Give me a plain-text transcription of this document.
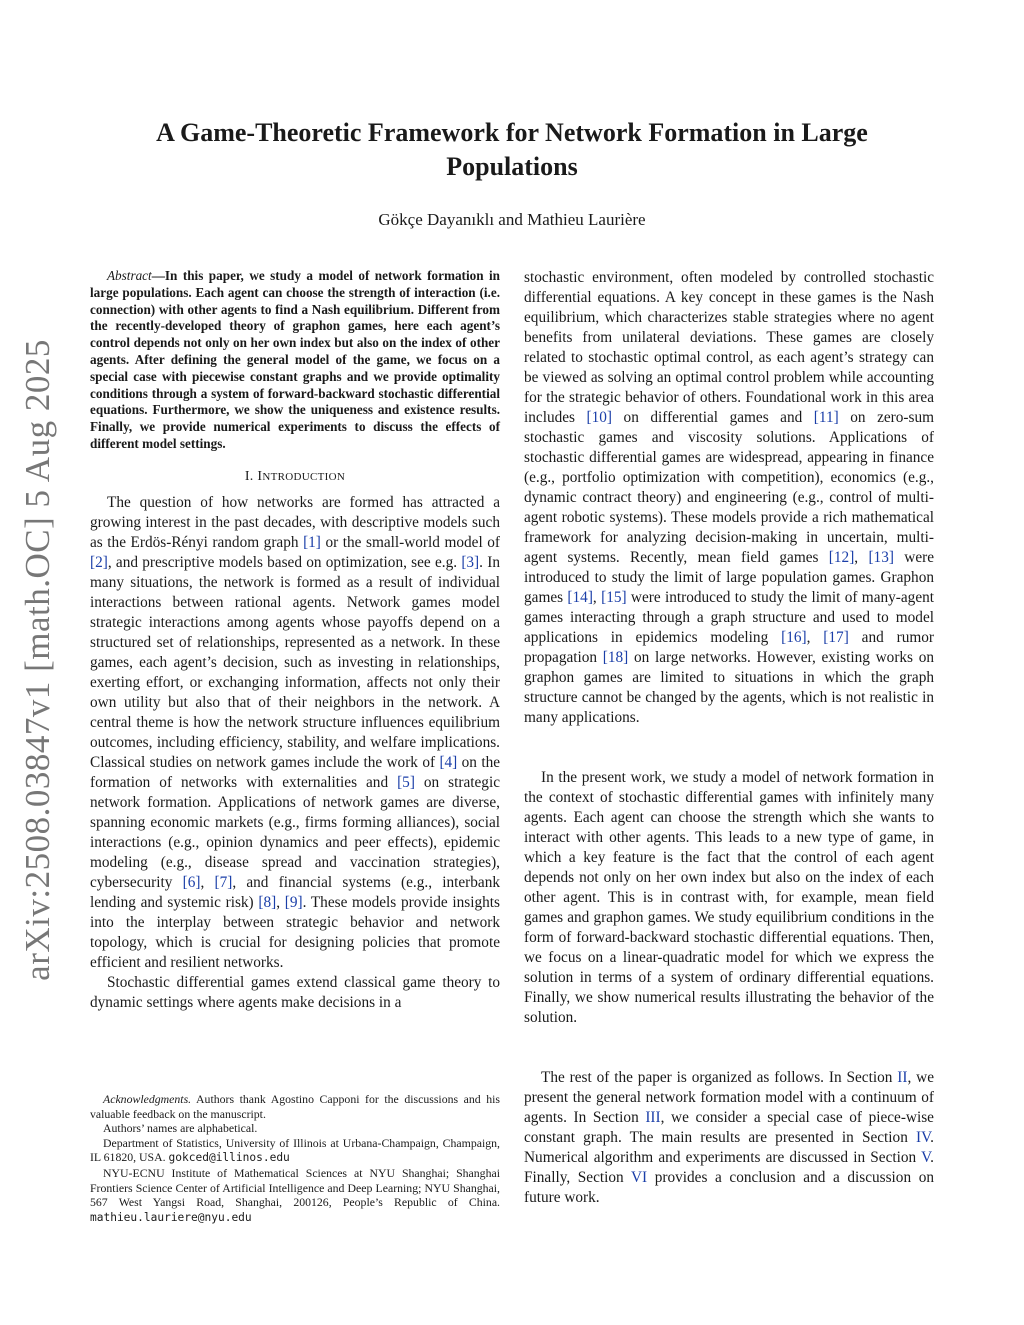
arXiv:2508.03847v1 [math.OC] 5 Aug 2025
A Game-Theoretic Framework for Network Formation in Large Populations
Gökçe Dayanıklı and Mathieu Laurière

Abstract—In this paper, we study a model of network formation in large populations. Each agent can choose the strength of interaction (i.e. connection) with other agents to find a Nash equilibrium. Different from the recently-developed theory of graphon games, here each agent’s control depends not only on her own index but also on the index of other agents. After defining the general model of the game, we focus on a special case with piecewise constant graphs and we provide optimality conditions through a system of forward-backward stochastic differential equations. Furthermore, we show the uniqueness and existence results. Finally, we provide numerical experiments to discuss the effects of different model settings.

I. INTRODUCTION

The question of how networks are formed has attracted a growing interest in the past decades, with descriptive models such as the Erdös-Rényi random graph [1] or the small-world model of [2], and prescriptive models based on optimization, see e.g. [3]. In many situations, the network is formed as a result of individual interactions between rational agents. Network games model strategic interactions among agents whose payoffs depend on a structured set of relationships, represented as a network. In these games, each agent’s decision, such as investing in relationships, exerting effort, or exchanging information, affects not only their own utility but also that of their neighbors in the network. A central theme is how the network structure influences equilibrium outcomes, including efficiency, stability, and welfare implications. Classical studies on network games include the work of [4] on the formation of networks with externalities and [5] on strategic network formation. Applications of network games are diverse, spanning economic markets (e.g., firms forming alliances), social interactions (e.g., opinion dynamics and peer effects), epidemic modeling (e.g., disease spread and vaccination strategies), cybersecurity [6], [7], and financial systems (e.g., interbank lending and systemic risk) [8], [9]. These models provide insights into the interplay between strategic behavior and network topology, which is crucial for designing policies that promote efficient and resilient networks.

Stochastic differential games extend classical game theory to dynamic settings where agents make decisions in a

stochastic environment, often modeled by controlled stochastic differential equations. A key concept in these games is the Nash equilibrium, which characterizes stable strategies where no agent benefits from unilateral deviations. These games are closely related to stochastic optimal control, as each agent’s strategy can be viewed as solving an optimal control problem while accounting for the strategic behavior of others. Foundational work in this area includes [10] on differential games and [11] on zero-sum stochastic games and viscosity solutions. Applications of stochastic differential games are widespread, appearing in finance (e.g., portfolio optimization with competition), economics (e.g., dynamic contract theory) and engineering (e.g., control of multi-agent robotic systems). These models provide a rich mathematical framework for analyzing decision-making in uncertain, multi-agent systems. Recently, mean field games [12], [13] were introduced to study the limit of large population games. Graphon games [14], [15] were introduced to study the limit of many-agent games interacting through a graph structure and used to model applications in epidemics modeling [16], [17] and rumor propagation [18] on large networks. However, existing works on graphon games are limited to situations in which the graph structure cannot be changed by the agents, which is not realistic in many applications.

In the present work, we study a model of network formation in the context of stochastic differential games with infinitely many agents. Each agent can choose the strength which she wants to interact with other agents. This leads to a new type of game, in which a key feature is the fact that the control of each agent depends not only on her own index but also on the index of each other agent. This is in contrast with, for example, mean field games and graphon games. We study equilibrium conditions in the form of forward-backward stochastic differential equations. Then, we focus on a linear-quadratic model for which we express the solution in terms of a system of ordinary differential equations. Finally, we show numerical results illustrating the behavior of the solution.

The rest of the paper is organized as follows. In Section II, we present the general network formation model with a continuum of agents. In Section III, we consider a special case of piece-wise constant graph. The main results are presented in Section IV. Numerical algorithm and experiments are discussed in Section V. Finally, Section VI provides a conclusion and a discussion on future work.

Acknowledgments. Authors thank Agostino Capponi for the discussions and his valuable feedback on the manuscript.

Authors’ names are alphabetical.

Department of Statistics, University of Illinois at Urbana-Champaign, Champaign, IL 61820, USA. gokced@illinos.edu

NYU-ECNU Institute of Mathematical Sciences at NYU Shanghai; Shanghai Frontiers Science Center of Artificial Intelligence and Deep Learning; NYU Shanghai, 567 West Yangsi Road, Shanghai, 200126, People’s Republic of China. mathieu.lauriere@nyu.edu
